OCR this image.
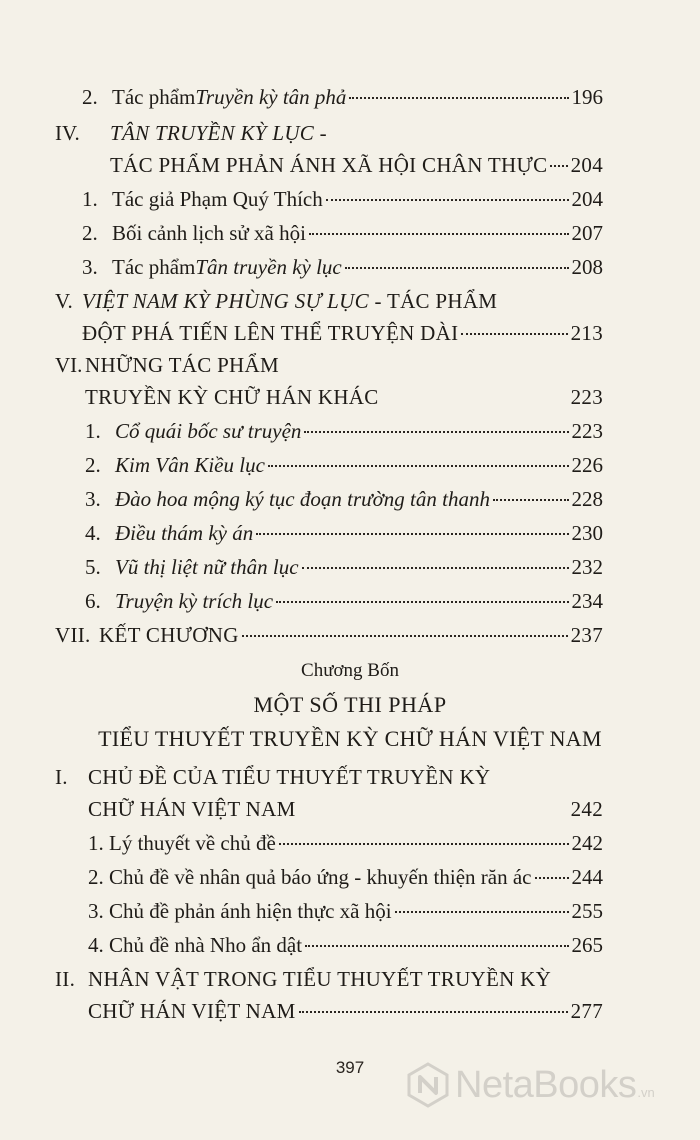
2. Tác phẩm Truyền kỳ tân phả	196
IV. TÂN TRUYỀN KỲ LỤC -
TÁC PHẨM PHẢN ÁNH XÃ HỘI CHÂN THỰC 204
1. Tác giả Phạm Quý Thích	204
2. Bối cảnh lịch sử xã hội	207
3. Tác phẩm Tân truyền kỳ lục	208
V. VIỆT NAM KỲ PHÙNG SỰ LỤC - TÁC PHẨM
ĐỘT PHÁ TIẾN LÊN THỂ TRUYỆN DÀI	213
VI. NHỮNG TÁC PHẨM
TRUYỀN KỲ CHỮ HÁN KHÁC	223
1. Cổ quái bốc sư truyện	223
2. Kim Vân Kiều lục	226
3. Đào hoa mộng ký tục đoạn trường tân thanh	228
4. Điều thám kỳ án	230
5. Vũ thị liệt nữ thân lục	232
6. Truyện kỳ trích lục	234
VII. KẾT CHƯƠNG	237
Chương Bốn
MỘT SỐ THI PHÁP
TIỂU THUYẾT TRUYỀN KỲ CHỮ HÁN VIỆT NAM
I. CHỦ ĐỀ CỦA TIỂU THUYẾT TRUYỀN KỲ
CHỮ HÁN VIỆT NAM	242
1. Lý thuyết về chủ đề	242
2. Chủ đề về nhân quả báo ứng - khuyến thiện răn ác 244
3. Chủ đề phản ánh hiện thực xã hội	255
4. Chủ đề nhà Nho ẩn dật	265
II. NHÂN VẬT TRONG TIỂU THUYẾT TRUYỀN KỲ
CHỮ HÁN VIỆT NAM	277
397	NetaBooks .vn
